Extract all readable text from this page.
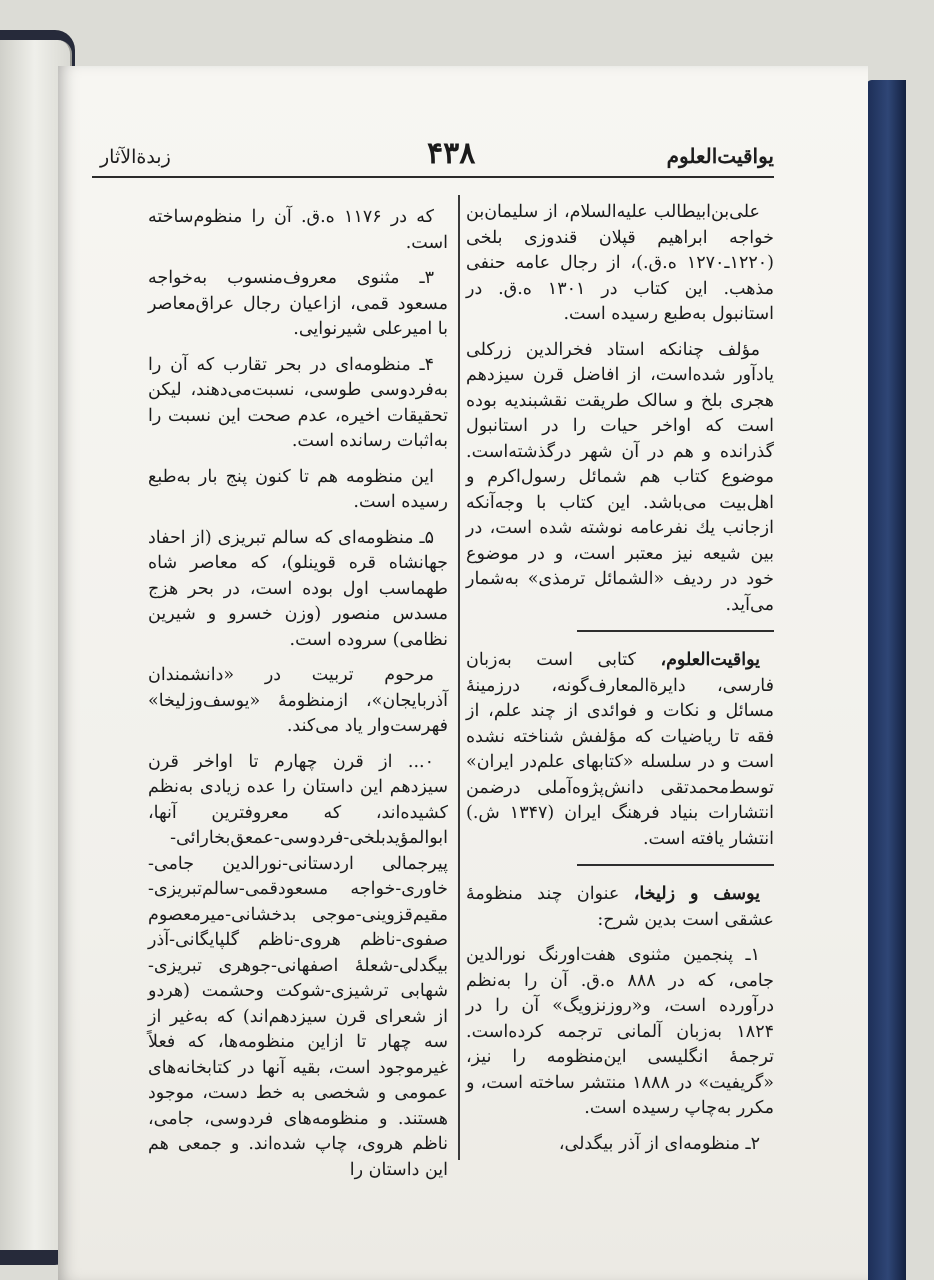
یواقیت‌العلوم
۴۳۸
زبدة‌الآثار

علی‌بن‌ابیطالب علیه‌السلام، از سلیمان‌بن خواجه ابراهیم قپلان قندوزی بلخی (۱۲۲۰ـ۱۲۷۰ ه.ق.)، از رجال عامه حنفی مذهب. این کتاب در ۱۳۰۱ ه.ق. در استانبول به‌طبع رسیده است.

مؤلف چنانکه استاد فخرالدین زرکلی یادآور شده‌است، از افاضل قرن سیزدهم هجری بلخ و سالک طریقت نقشبندیه بوده است که اواخر حیات را در استانبول گذرانده و هم در آن شهر درگذشته‌است. موضوع کتاب هم شمائل رسول‌اکرم و اهل‌بیت می‌باشد. این کتاب با وجه‌آنکه ازجانب یك نفرعامه نوشته شده است، در بین شیعه نیز معتبر است، و در موضوع خود در ردیف «الشمائل ترمذی» به‌شمار می‌آید.

یواقیت‌العلوم، کتابی است به‌زبان فارسی، دایرة‌المعارف‌گونه، درزمینهٔ مسائل و نکات و فوائدی از چند علم، از فقه تا ریاضیات که مؤلفش شناخته نشده است و در سلسله «کتابهای علم‌در ایران» توسط‌محمدتقی دانش‌پژوه‌آملی درضمن انتشارات بنیاد فرهنگ ایران (۱۳۴۷ ش.) انتشار یافته است.

یوسف و زلیخا، عنوان چند منظومهٔ عشقی است بدین شرح:

۱ـ پنجمین مثنوی هفت‌اورنگ نورالدین جامی، که در ۸۸۸ ه.ق. آن را به‌نظم درآورده است، و«روزنزویگ» آن را در ۱۸۲۴ به‌زبان آلمانی ترجمه کرده‌است. ترجمهٔ انگلیسی این‌منظومه را نیز، «گریفیت» در ۱۸۸۸ منتشر ساخته است، و مکرر به‌چاپ رسیده است.

۲ـ منظومه‌ای از آذر بیگدلی،

که در ۱۱۷۶ ه.ق. آن را منظوم‌ساخته است.

۳ـ مثنوی معروف‌منسوب به‌خواجه مسعود قمی، ازاعیان رجال عراق‌معاصر با امیرعلی شیرنوایی.

۴ـ منظومه‌ای در بحر تقارب که آن را به‌فردوسی طوسی، نسبت‌می‌دهند، لیکن تحقیقات اخیره، عدم صحت این نسبت را به‌اثبات رسانده است.

این منظومه هم تا کنون پنج بار به‌طبع رسیده است.

۵ـ منظومه‌ای که سالم تبریزی (از احفاد جهانشاه قره قوینلو)، که معاصر شاه طهماسب اول بوده است، در بحر هزج مسدس منصور (وزن خسرو و شیرین نظامی) سروده است.

مرحوم تربیت در «دانشمندان آذربایجان»، ازمنظومهٔ «یوسف‌وزلیخا» فهرست‌وار یاد می‌کند.

۰... از قرن چهارم تا اواخر قرن سیزدهم این داستان را عده زیادی به‌نظم کشیده‌اند، که معروفترین آنها، ابوالمؤیدبلخی-فردوسی-عمعق‌بخارائی-پیرجمالی اردستانی-نورالدین جامی-خاوری-خواجه مسعودقمی-سالم‌تبریزی-مقیم‌قزوینی-موجی بدخشانی-میرمعصوم صفوی-ناظم هروی-ناظم گلپایگانی-آذر بیگدلی-شعلهٔ اصفهانی-جوهری تبریزی-شهابی ترشیزی-شوکت وحشمت (هردو از شعرای قرن سیزدهم‌اند) که به‌غیر از سه چهار تا ازاین منظومه‌ها، که فعلاً غیرموجود است، بقیه آنها در کتابخانه‌های عمومی و شخصی به خط دست، موجود هستند. و منظومه‌های فردوسی، جامی، ناظم هروی، چاپ شده‌اند. و جمعی هم این داستان را
